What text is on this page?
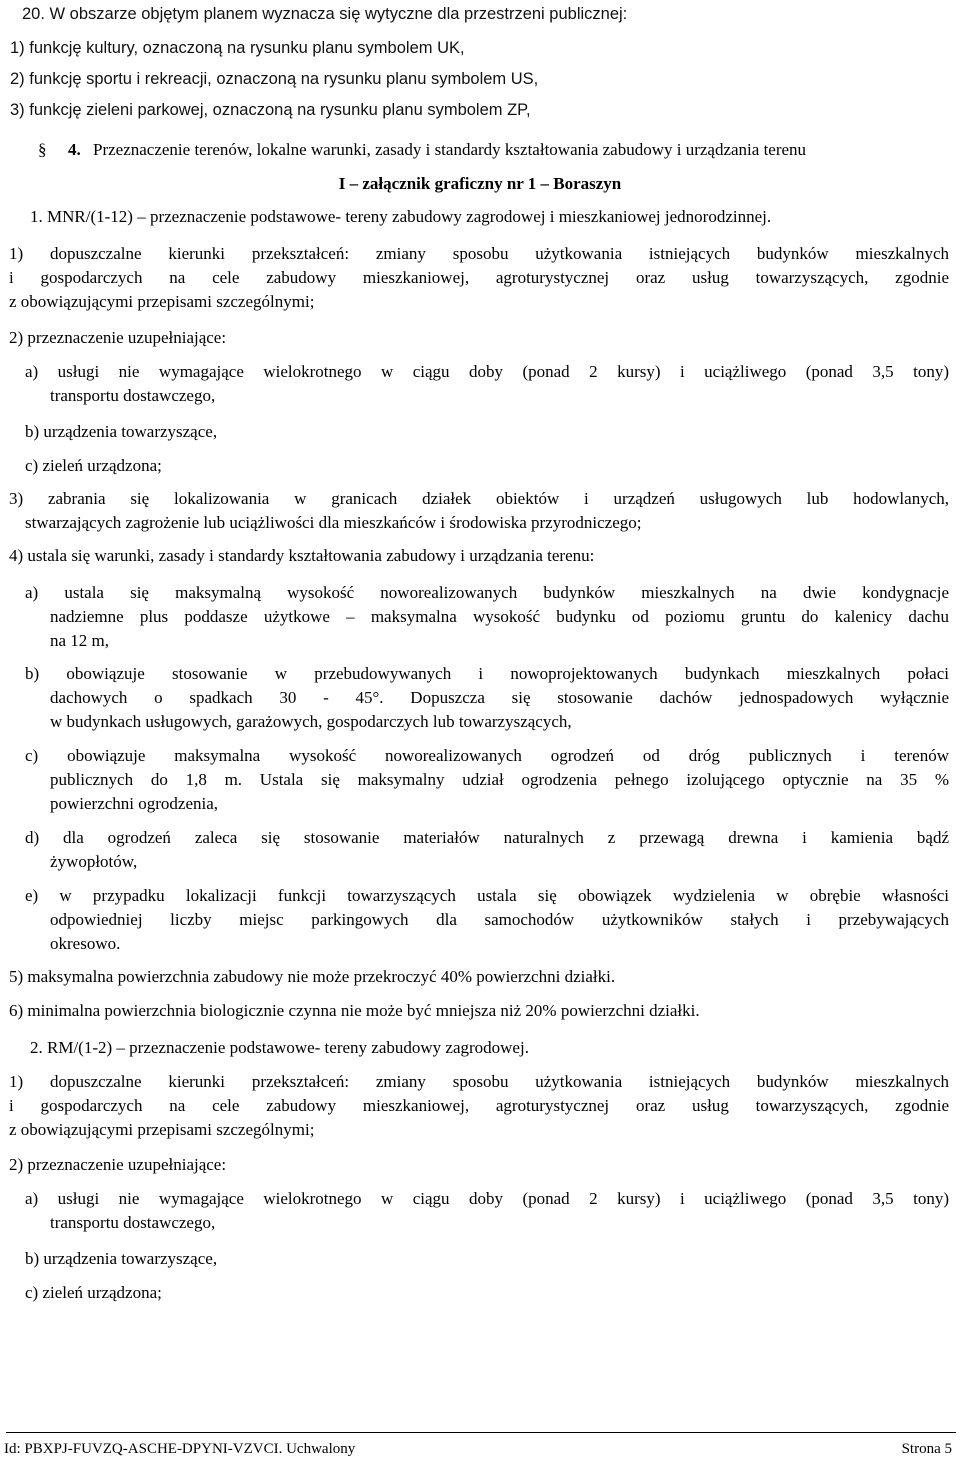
20. W obszarze objętym planem wyznacza się wytyczne dla przestrzeni publicznej:
1) funkcję kultury, oznaczoną na rysunku planu symbolem UK,
2) funkcję sportu i rekreacji, oznaczoną na rysunku planu symbolem US,
3) funkcję zieleni parkowej, oznaczoną na rysunku planu symbolem ZP,
§ 4. Przeznaczenie terenów, lokalne warunki, zasady i standardy kształtowania zabudowy i urządzania terenu
I – załącznik graficzny nr 1 – Boraszyn
1. MNR/(1-12) – przeznaczenie podstawowe- tereny zabudowy zagrodowej i mieszkaniowej jednorodzinnej.
1) dopuszczalne kierunki przekształceń: zmiany sposobu użytkowania istniejących budynków mieszkalnych
i gospodarczych na cele zabudowy mieszkaniowej, agroturystycznej oraz usług towarzyszących, zgodnie
z obowiązującymi przepisami szczególnymi;
2) przeznaczenie uzupełniające:
a) usługi nie wymagające wielokrotnego w ciągu doby (ponad 2 kursy) i uciążliwego (ponad 3,5 tony)
transportu dostawczego,
b) urządzenia towarzyszące,
c) zieleń urządzona;
3) zabrania się lokalizowania w granicach działek obiektów i urządzeń usługowych lub hodowlanych,
stwarzających zagrożenie lub uciążliwości dla mieszkańców i środowiska przyrodniczego;
4) ustala się warunki, zasady i standardy kształtowania zabudowy i urządzania terenu:
a) ustala się maksymalną wysokość noworealizowanych budynków mieszkalnych na dwie kondygnacje
nadziemne plus poddasze użytkowe – maksymalna wysokość budynku od poziomu gruntu do kalenicy dachu
na 12 m,
b) obowiązuje stosowanie w przebudowywanych i nowoprojektowanych budynkach mieszkalnych połaci
dachowych o spadkach 30 - 45°. Dopuszcza się stosowanie dachów jednospadowych wyłącznie
w budynkach usługowych, garażowych, gospodarczych lub towarzyszących,
c) obowiązuje maksymalna wysokość noworealizowanych ogrodzeń od dróg publicznych i terenów
publicznych do 1,8 m. Ustala się maksymalny udział ogrodzenia pełnego izolującego optycznie na 35 %
powierzchni ogrodzenia,
d) dla ogrodzeń zaleca się stosowanie materiałów naturalnych z przewagą drewna i kamienia bądź
żywopłotów,
e) w przypadku lokalizacji funkcji towarzyszących ustala się obowiązek wydzielenia w obrębie własności
odpowiedniej liczby miejsc parkingowych dla samochodów użytkowników stałych i przebywających
okresowo.
5) maksymalna powierzchnia zabudowy nie może przekroczyć 40% powierzchni działki.
6) minimalna powierzchnia biologicznie czynna nie może być mniejsza niż 20% powierzchni działki.
2. RM/(1-2) – przeznaczenie podstawowe- tereny zabudowy zagrodowej.
1) dopuszczalne kierunki przekształceń: zmiany sposobu użytkowania istniejących budynków mieszkalnych
i gospodarczych na cele zabudowy mieszkaniowej, agroturystycznej oraz usług towarzyszących, zgodnie
z obowiązującymi przepisami szczególnymi;
2) przeznaczenie uzupełniające:
a) usługi nie wymagające wielokrotnego w ciągu doby (ponad 2 kursy) i uciążliwego (ponad 3,5 tony)
transportu dostawczego,
b) urządzenia towarzyszące,
c) zieleń urządzona;
Id: PBXPJ-FUVZQ-ASCHE-DPYNI-VZVCI. Uchwalony	Strona 5
